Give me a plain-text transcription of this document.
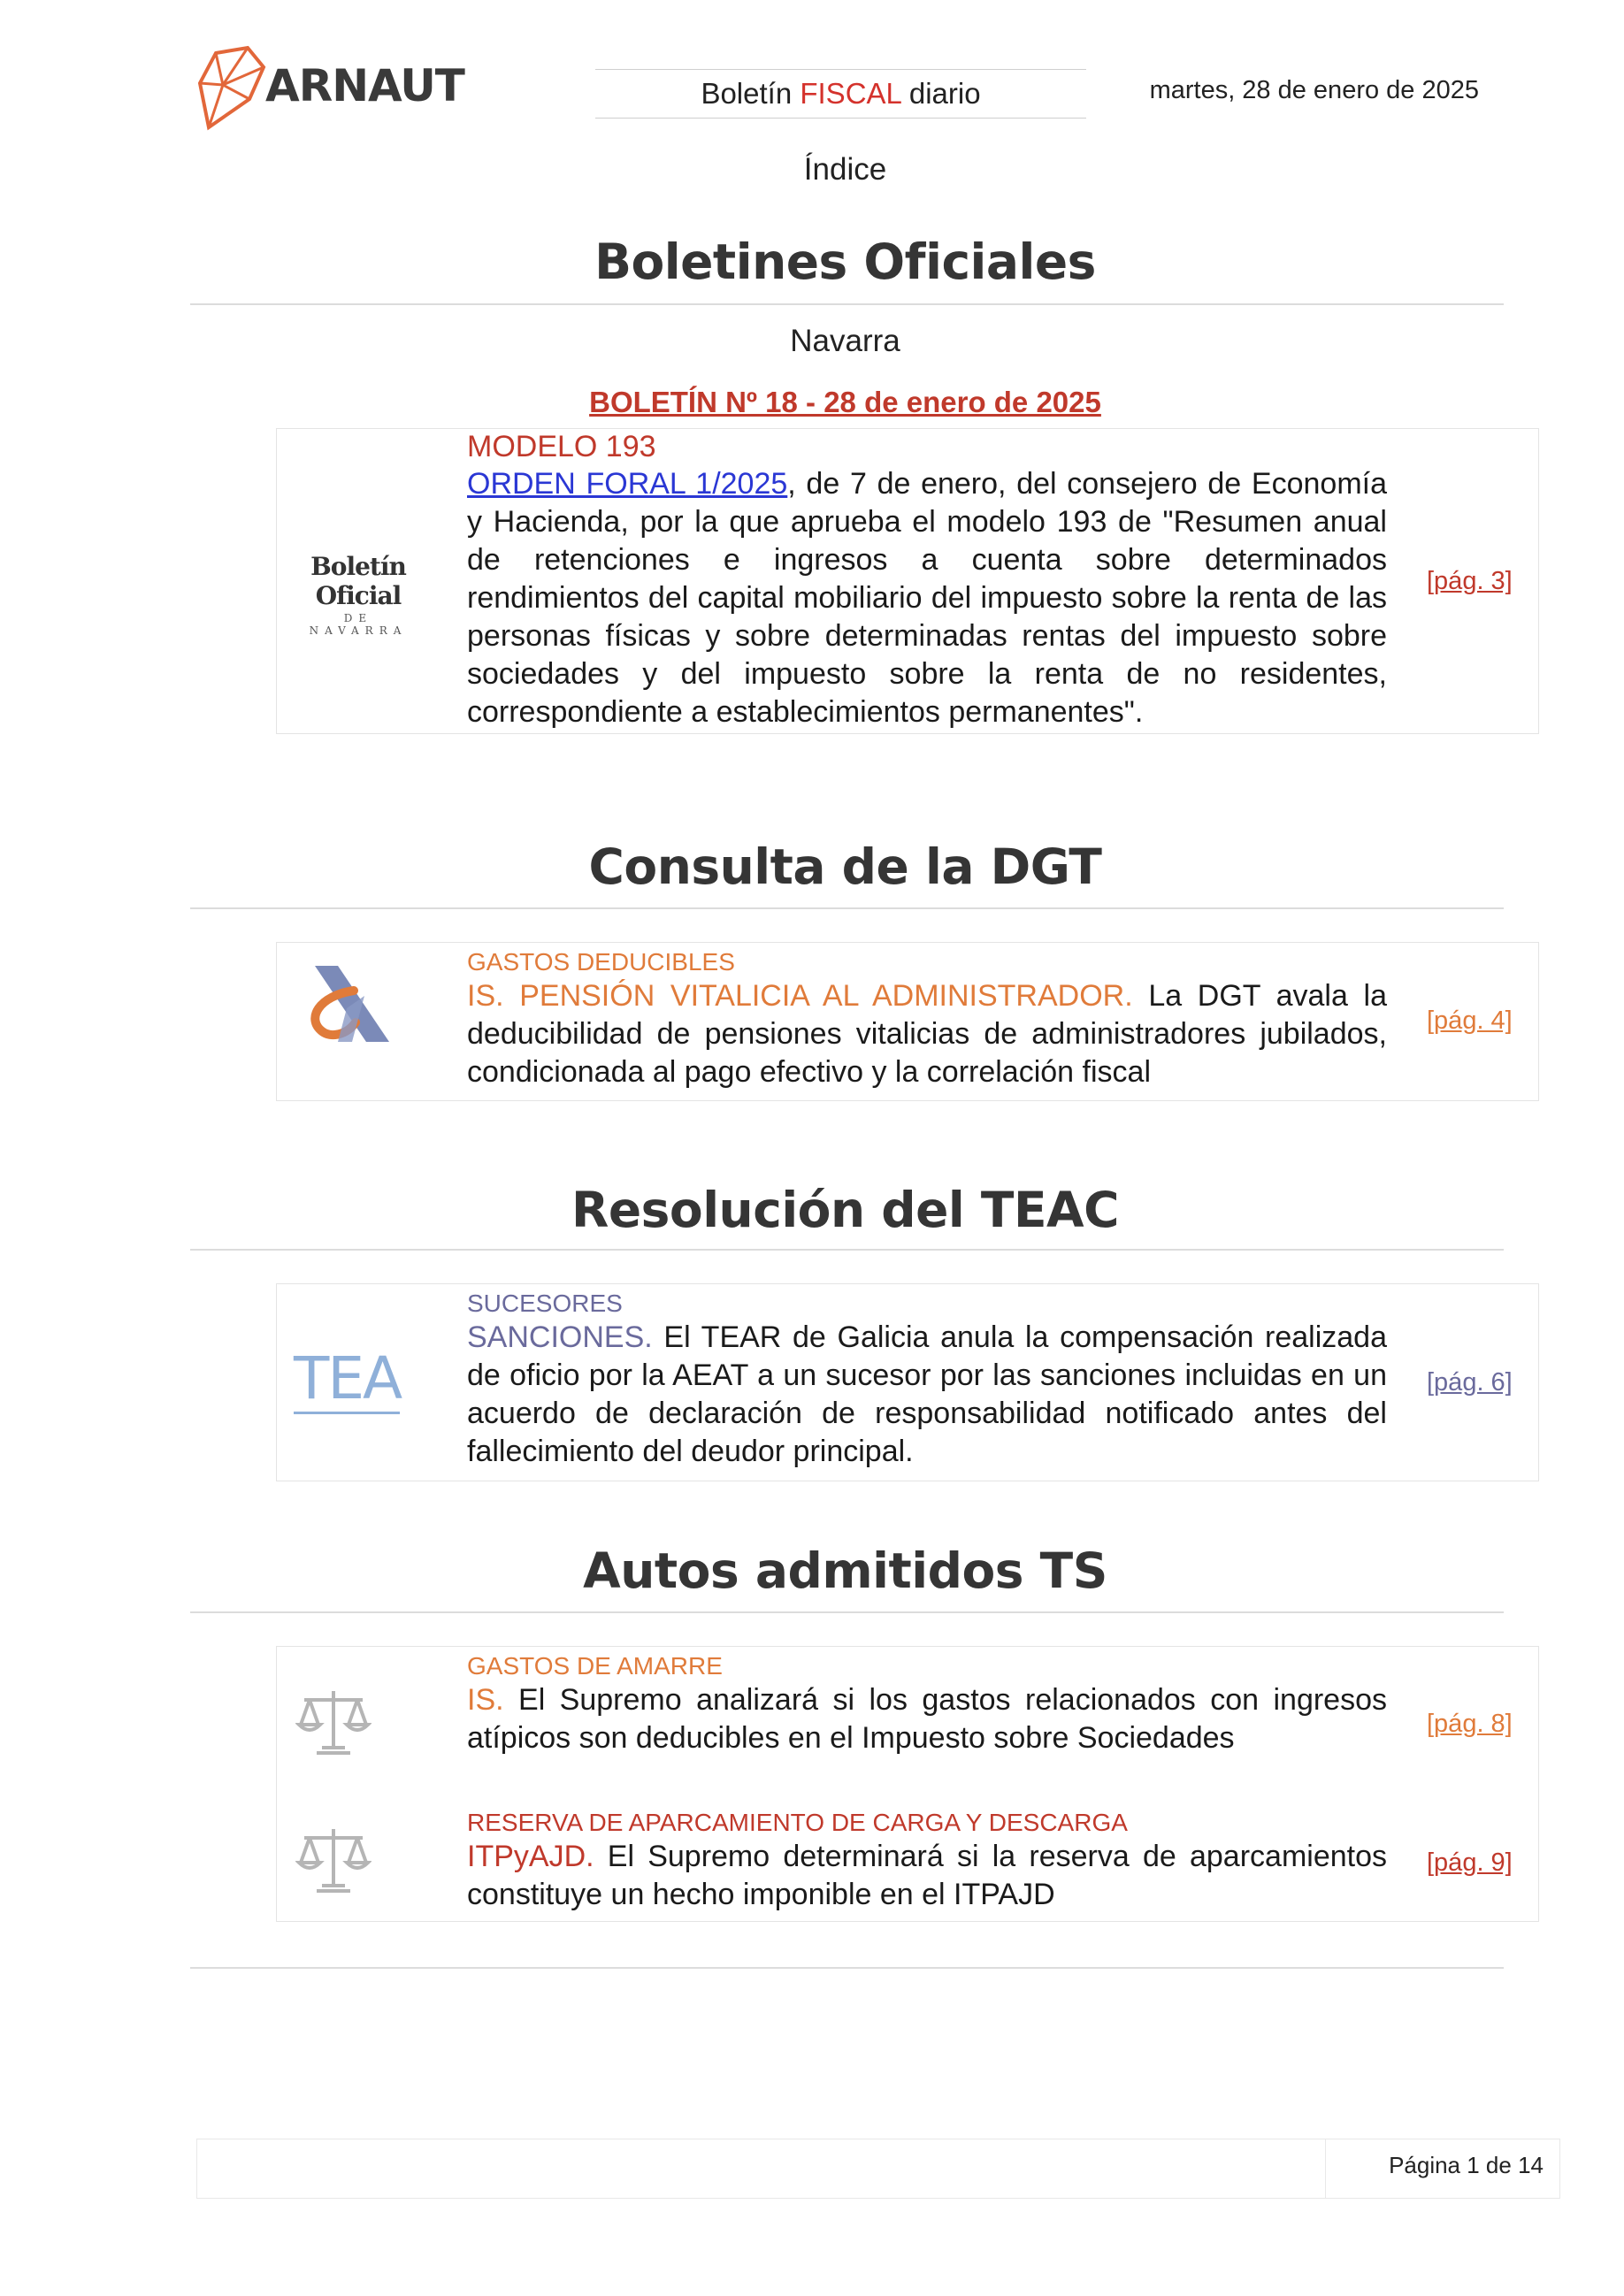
ARNAUT	Boletín FISCAL diario	martes, 28 de enero de 2025
Índice
Boletines Oficiales
Navarra
BOLETÍN Nº 18 - 28 de enero de 2025
Boletín Oficial
DE NAVARRA
MODELO 193
ORDEN FORAL 1/2025, de 7 de enero, del consejero de Economía y Hacienda, por la que aprueba el modelo 193 de "Resumen anual de retenciones e ingresos a cuenta sobre determinados rendimientos del capital mobiliario del impuesto sobre la renta de las personas físicas y sobre determinadas rentas del impuesto sobre sociedades y del impuesto sobre la renta de no residentes, correspondiente a establecimientos permanentes".
[pág. 3]
Consulta de la DGT
GASTOS DEDUCIBLES
IS. PENSIÓN VITALICIA AL ADMINISTRADOR. La DGT avala la deducibilidad de pensiones vitalicias de administradores jubilados, condicionada al pago efectivo y la correlación fiscal
[pág. 4]
Resolución del TEAC
TEA
SUCESORES
SANCIONES. El TEAR de Galicia anula la compensación realizada de oficio por la AEAT a un sucesor por las sanciones incluidas en un acuerdo de declaración de responsabilidad notificado antes del fallecimiento del deudor principal.
[pág. 6]
Autos admitidos TS
GASTOS DE AMARRE
IS. El Supremo analizará si los gastos relacionados con ingresos atípicos son deducibles en el Impuesto sobre Sociedades	[pág. 8]
RESERVA DE APARCAMIENTO DE CARGA Y DESCARGA
ITPyAJD. El Supremo determinará si la reserva de aparcamientos constituye un hecho imponible en el ITPAJD
[pág. 9]
Página 1 de 14
